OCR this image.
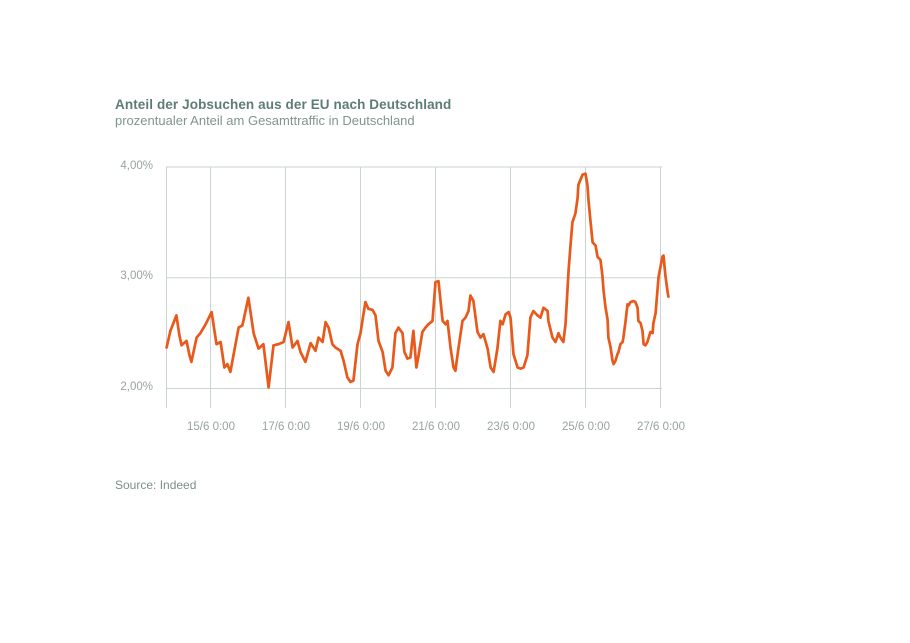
Anteil der Jobsuchen aus der EU nach Deutschland
prozentualer Anteil am Gesamttraffic in Deutschland
4,00%
3,00%
2,00%
15/6 0:00	17/6 0:00	19/6 0:00	21/6 0:00	23/6 0:00	25/6 0:00	27/6 0:00
Source: Indeed
